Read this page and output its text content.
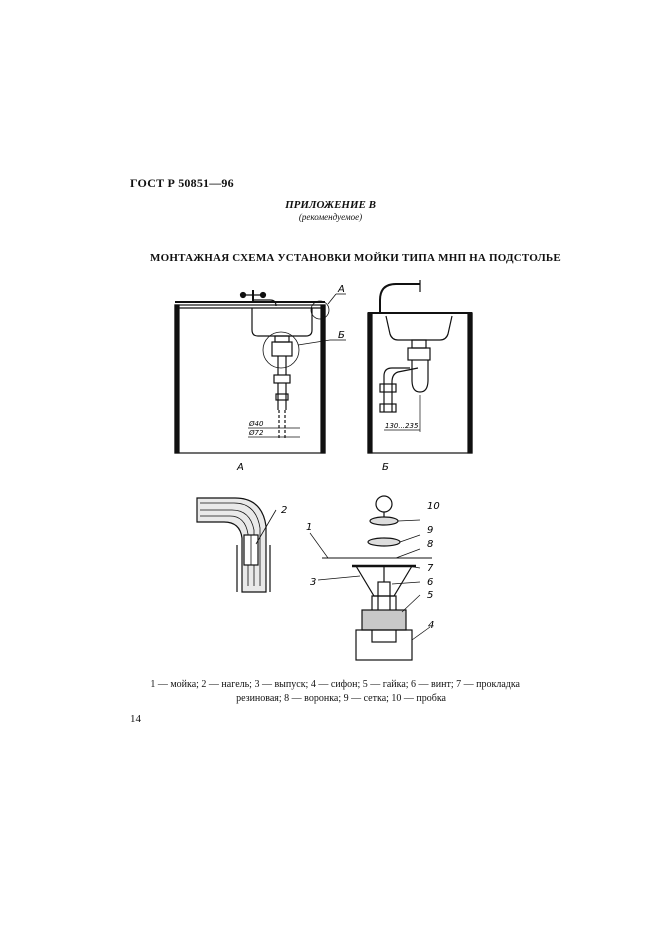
ГОСТ Р 50851—96
ПРИЛОЖЕНИЕ В
(рекомендуемое)
МОНТАЖНАЯ СХЕМА УСТАНОВКИ МОЙКИ ТИПА МНП НА ПОДСТОЛЬЕ
А	Б
А
Б
Ø40
Ø72
130...235
1
2
3
4
5
6
7
8
9
10
1 — мойка; 2 — нагель; 3 — выпуск; 4 — сифон; 5 — гайка; 6 — винт; 7 — прокладка
резиновая; 8 — воронка; 9 — сетка; 10 — пробка
14
